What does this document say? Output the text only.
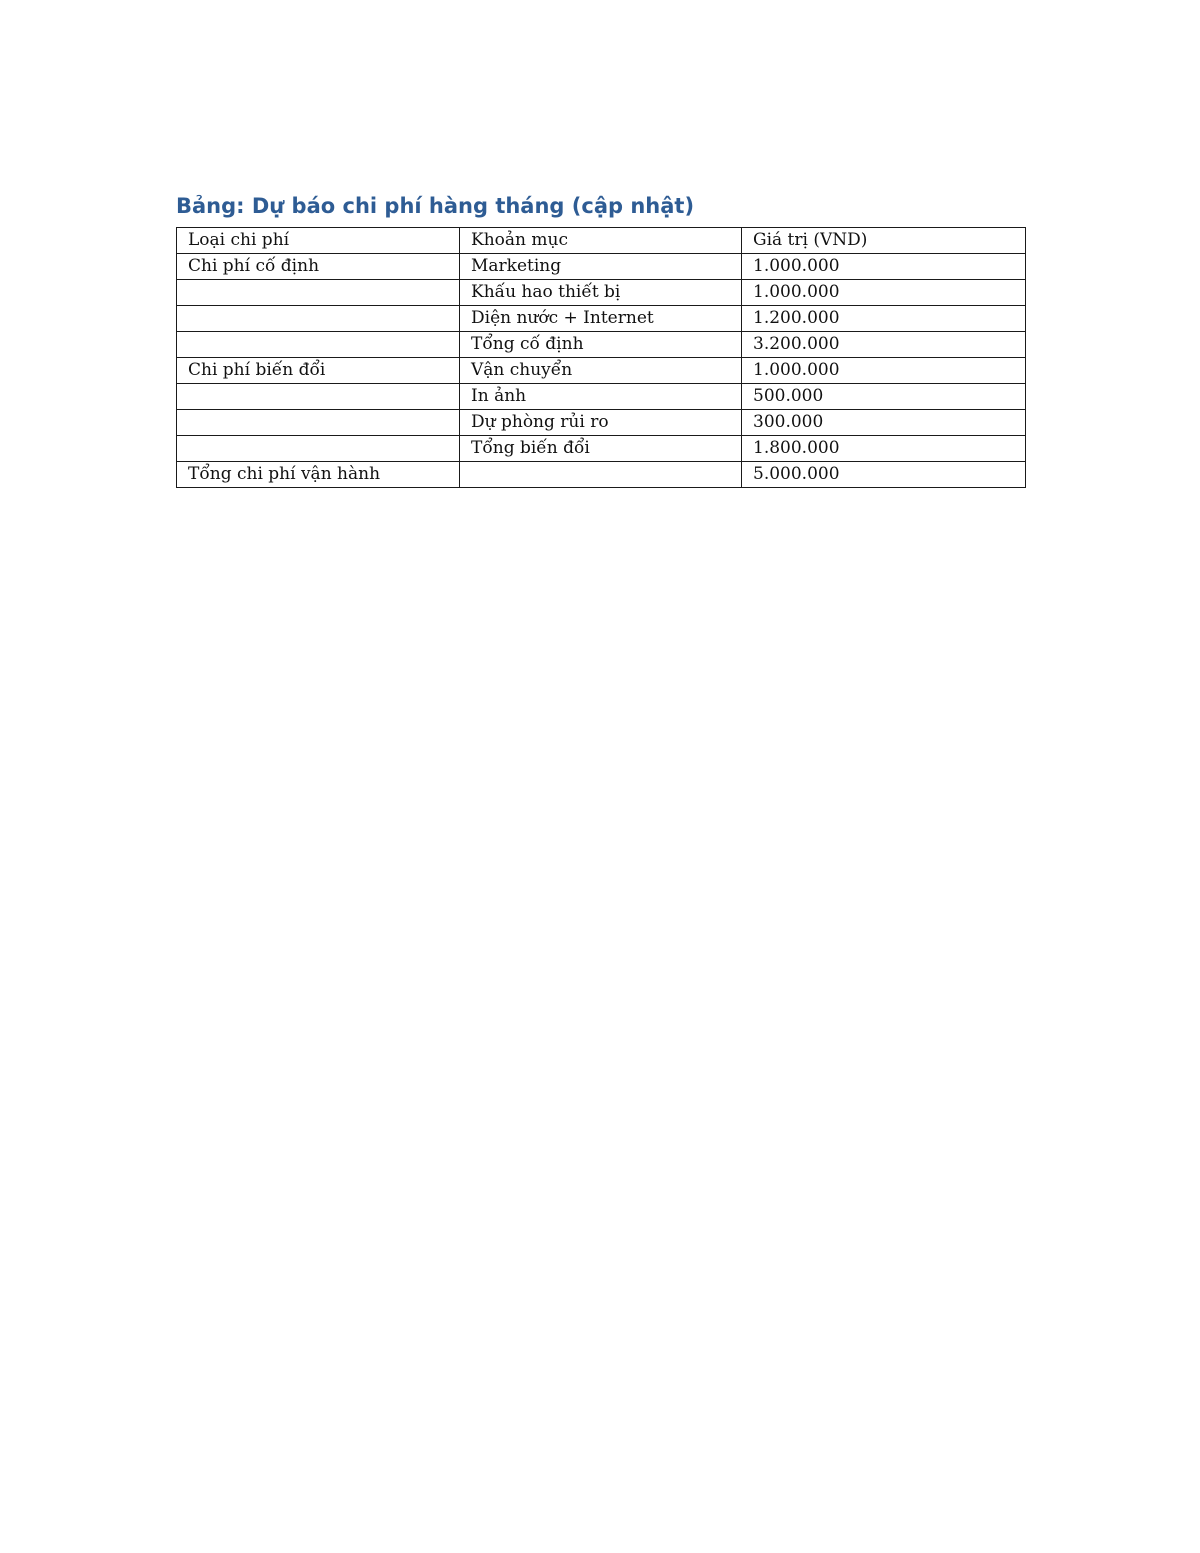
Bảng: Dự báo chi phí hàng tháng (cập nhật)
Loại chi phí	Khoản mục	Giá trị (VND)
Chi phí cố định	Marketing	1.000.000
	Khấu hao thiết bị	1.000.000
	Diện nước + Internet	1.200.000
	Tổng cố định	3.200.000
Chi phí biến đổi	Vận chuyển	1.000.000
	In ảnh	500.000
	Dự phòng rủi ro	300.000
	Tổng biến đổi	1.800.000
Tổng chi phí vận hành		5.000.000
